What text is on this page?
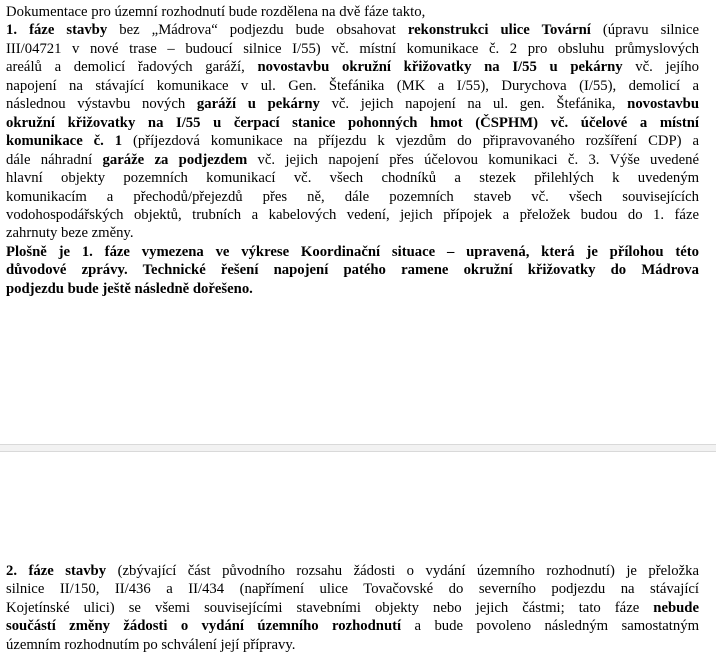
Dokumentace pro územní rozhodnutí bude rozdělena na dvě fáze takto,
1. fáze stavby bez „Mádrova“ podjezdu bude obsahovat rekonstrukci ulice Tovární (úpravu silnice
III/04721 v nové trase – budoucí silnice I/55) vč. místní komunikace č. 2 pro obsluhu průmyslových
areálů a demolicí řadových garáží, novostavbu okružní křižovatky na I/55 u pekárny vč. jejího
napojení na stávající komunikace v ul. Gen. Štefánika (MK a I/55), Durychova (I/55), demolicí a
následnou výstavbu nových garáží u pekárny vč. jejich napojení na ul. gen. Štefánika, novostavbu
okružní křižovatky na I/55 u čerpací stanice pohonných hmot (ČSPHM) vč. účelové a místní
komunikace č. 1 (příjezdová komunikace na příjezdu k vjezdům do připravovaného rozšíření CDP) a
dále náhradní garáže za podjezdem vč. jejich napojení přes účelovou komunikaci č. 3. Výše uvedené
hlavní objekty pozemních komunikací vč. všech chodníků a stezek přilehlých k uvedeným
komunikacím a přechodů/přejezdů přes ně, dále pozemních staveb vč. všech souvisejících
vodohospodářských objektů, trubních a kabelových vedení, jejich přípojek a přeložek budou do 1. fáze
zahrnuty beze změny.
Plošně je 1. fáze vymezena ve výkrese Koordinační situace – upravená, která je přílohou této
důvodové zprávy. Technické řešení napojení patého ramene okružní křižovatky do Mádrova
podjezdu bude ještě následně dořešeno.
2. fáze stavby (zbývající část původního rozsahu žádosti o vydání územního rozhodnutí) je přeložka
silnice II/150, II/436 a II/434 (napřímení ulice Tovačovské do severního podjezdu na stávající
Kojetínské ulici) se všemi souvisejícími stavebními objekty nebo jejich částmi; tato fáze nebude
součástí změny žádosti o vydání územního rozhodnutí a bude povoleno následným samostatným
územním rozhodnutím po schválení její přípravy.
